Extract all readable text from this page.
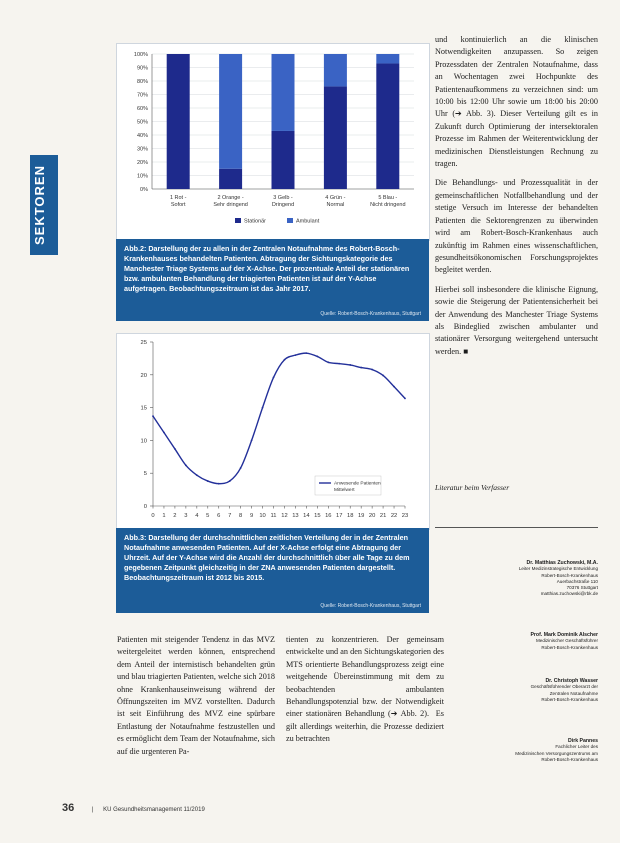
SEKTOREN	0%
10%
20%
30%
40%
50%
60%
70%
80%
90%
100%
1 Rot -
Sofort
2 Orange -
Sehr dringend
3 Gelb -
Dringend
4 Grün -
Normal
5 Blau -
Nicht dringend
Stationär	Ambulant
Abb.2: Darstellung der zu allen in der Zentralen Notaufnahme des Robert-Bosch-Krankenhauses behandelten Patienten. Abtragung der Sichtungskategorie des Manchester Triage Systems auf der X-Achse. Der prozentuale Anteil der stationären bzw. ambulanten Behandlung der triagierten Patienten ist auf der Y-Achse aufgetragen. Beobachtungszeitraum ist das Jahr 2017.
Quelle: Robert-Bosch-Krankenhaus, Stuttgart
0
5
10
15
20
25
0 1 2 3 4 5 6 7 8 9 10 11 12 13 14 15 16 17 18 19 20 21 22 23
Anwesende Patienten
Mittelwert
Abb.3: Darstellung der durchschnittlichen zeitlichen Verteilung der in der Zentralen Notaufnahme anwesenden Patienten. Auf der X-Achse erfolgt eine Abtragung der Uhrzeit. Auf der Y-Achse wird die Anzahl der durchschnittlich über alle Tage zu dem gegebenen Zeitpunkt gleichzeitig in der ZNA anwesenden Patienten dargestellt. Beobachtungszeitraum ist 2012 bis 2015.
Quelle: Robert-Bosch-Krankenhaus, Stuttgart

und kontinuierlich an die klinischen Notwendigkeiten anzupassen. So zeigen Prozessdaten der Zentralen Notaufnahme, dass an Wochentagen zwei Hochpunkte des Patientenaufkommens zu verzeichnen sind: um 10:00 bis 12:00 Uhr sowie um 18:00 bis 20:00 Uhr (➔ Abb. 3). Dieser Verteilung gilt es in Zukunft durch Optimierung der intersektoralen Prozesse im Rahmen der Weiterentwicklung der medizinischen Dienstleistungen Rechnung zu tragen.

Die Behandlungs- und Prozessqualität in der gemeinschaftlichen Notfallbehandlung und der stetige Versuch im Interesse der behandelten Patienten die Sektorengrenzen zu überwinden wird am Robert-Bosch-Krankenhaus auch zukünftig im Rahmen eines wissenschaftlichen, gesundheitsökonomischen Forschungsprojektes begleitet werden.

Hierbei soll insbesondere die klinische Eignung, sowie die Steigerung der Patientensicherheit bei der Anwendung des Manchester Triage Systems als Bindeglied zwischen ambulanter und stationärer Versorgung weitergehend untersucht werden. ■

Literatur beim Verfasser
Dr. Matthias Zuchowski, M.A.
Leiter Medizinstrategische Entwicklung
Robert-Bosch-Krankenhaus
Auerbachstraße 110
70376 Stuttgart
matthias.zuchowski@rbk.de
Prof. Mark Dominik Alscher
Medizinischer Geschäftsführer
Robert-Bosch-Krankenhaus
Dr. Christoph Wasser
Geschäftsführender Oberarzt der
Zentralen Notaufnahme
Robert-Bosch-Krankenhaus
Dirk Pannes
Fachlicher Leiter des
Medizinischen Versorgungszentrums am
Robert-Bosch-Krankenhaus
Patienten mit steigender Tendenz in das MVZ weitergeleitet werden können, entsprechend dem Anteil der internistisch behandelten grün und blau triagierten Patienten, welche sich 2018 ohne Krankenhauseinweisung während der Öffnungszeiten im MVZ vorstellten. Dadurch ist seit Einführung des MVZ eine spürbare Entlastung der Notaufnahme festzustellen und es ermöglicht dem Team der Notaufnahme, sich auf die urgenteren Pa-
tienten zu konzentrieren. Der gemeinsam entwickelte und an den Sichtungskategorien des MTS orientierte Behandlungsprozess zeigt eine weitgehende Übereinstimmung mit dem zu beobachtenden ambulanten Behandlungspotenzial bzw. der Notwendigkeit einer stationären Behandlung (➔ Abb. 2).  Es gilt allerdings weiterhin, die Prozesse dediziert zu betrachten
36	| KU Gesundheitsmanagement 11/2019
